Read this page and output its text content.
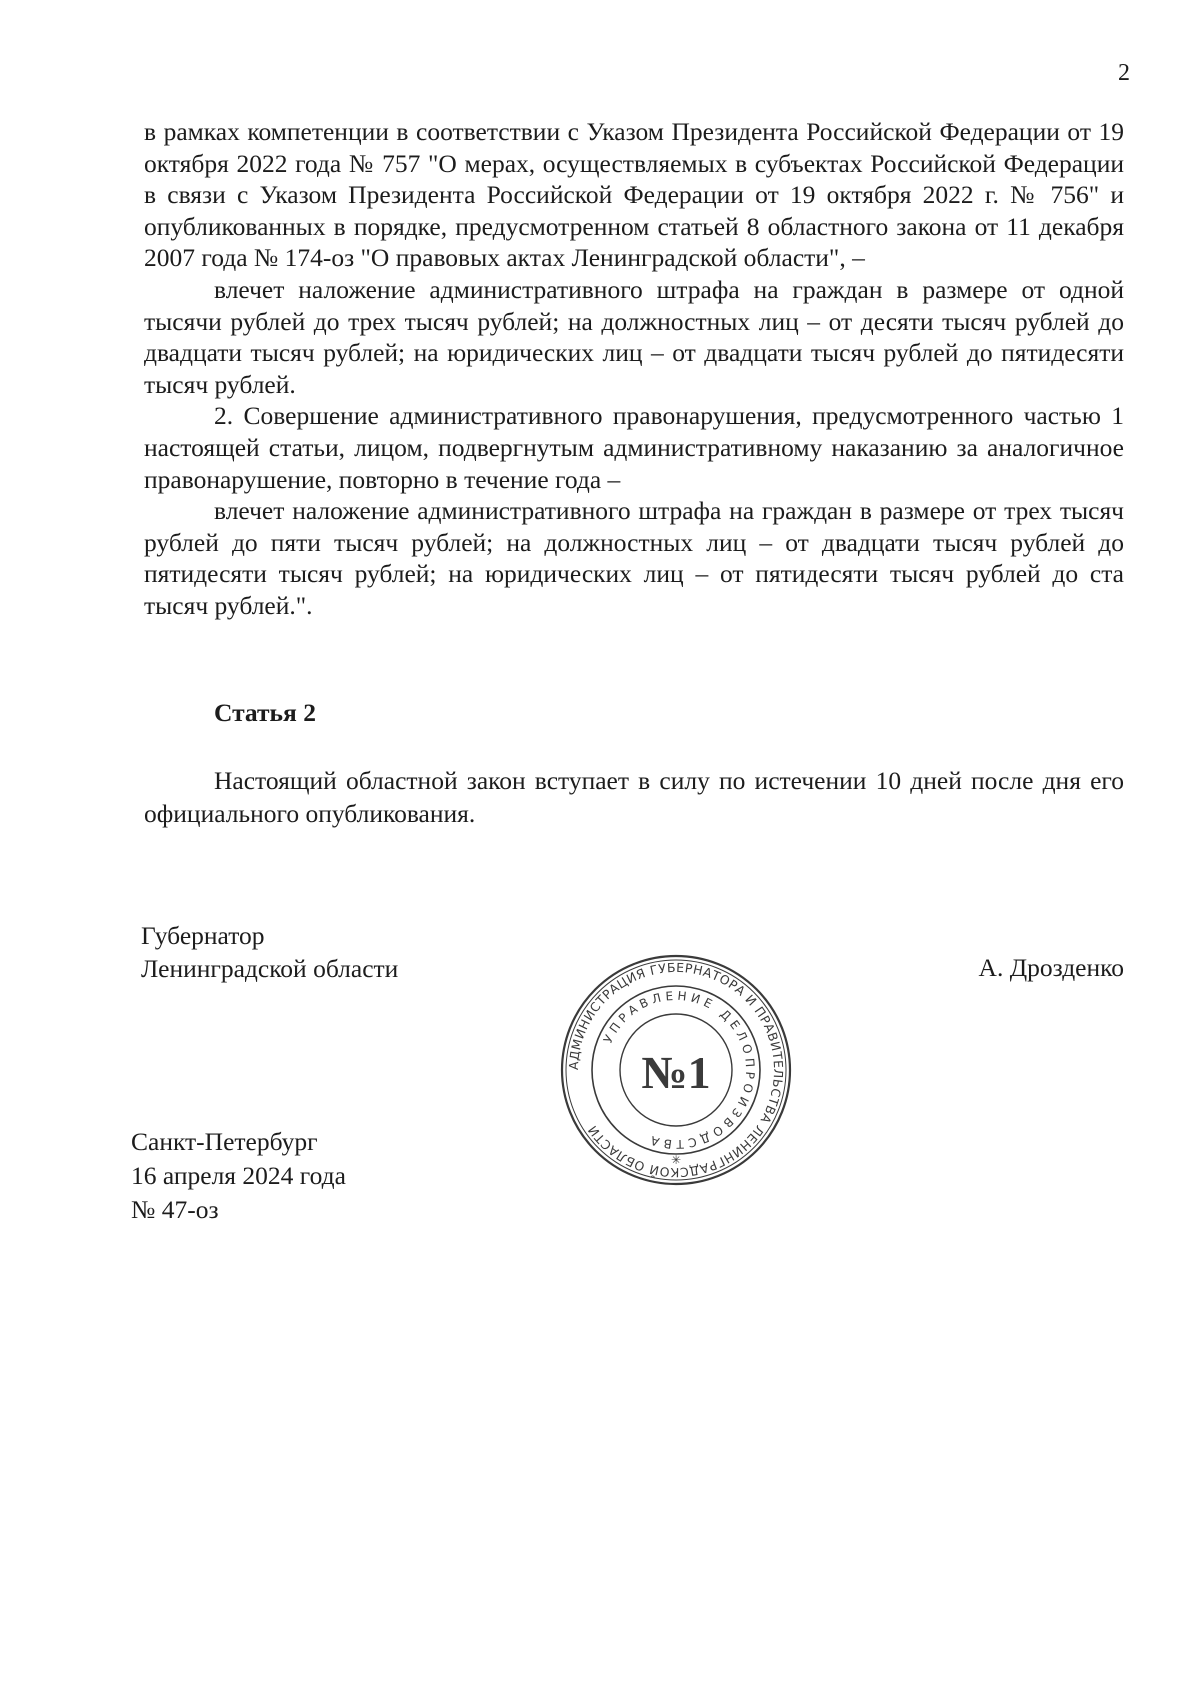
2

в рамках компетенции в соответствии с Указом Президента Российской Федерации от 19 октября 2022 года № 757 "О мерах, осуществляемых в субъектах Российской Федерации в связи с Указом Президента Российской Федерации от 19 октября 2022 г. № 756" и опубликованных в порядке, предусмотренном статьей 8 областного закона от 11 декабря 2007 года № 174-оз "О правовых актах Ленинградской области", –

влечет наложение административного штрафа на граждан в размере от одной тысячи рублей до трех тысяч рублей; на должностных лиц – от десяти тысяч рублей до двадцати тысяч рублей; на юридических лиц – от двадцати тысяч рублей до пятидесяти тысяч рублей.

2. Совершение административного правонарушения, предусмотренного частью 1 настоящей статьи, лицом, подвергнутым административному наказанию за аналогичное правонарушение, повторно в течение года –

влечет наложение административного штрафа на граждан в размере от трех тысяч рублей до пяти тысяч рублей; на должностных лиц – от двадцати тысяч рублей до пятидесяти тысяч рублей; на юридических лиц – от пятидесяти тысяч рублей до ста тысяч рублей.".

Статья 2

Настоящий областной закон вступает в силу по истечении 10 дней после дня его официального опубликования.

Губернатор
Ленинградской области	А. Дрозденко
Санкт-Петербург
16 апреля 2024 года
№ 47-оз
АДМИНИСТРАЦИЯ ГУБЕРНАТОРА И ПРАВИТЕЛЬСТВА ЛЕНИНГРАДСКОЙ ОБЛАСТИ
УПРАВЛЕНИЕ ДЕЛОПРОИЗВОДСТВА
№1
✳
